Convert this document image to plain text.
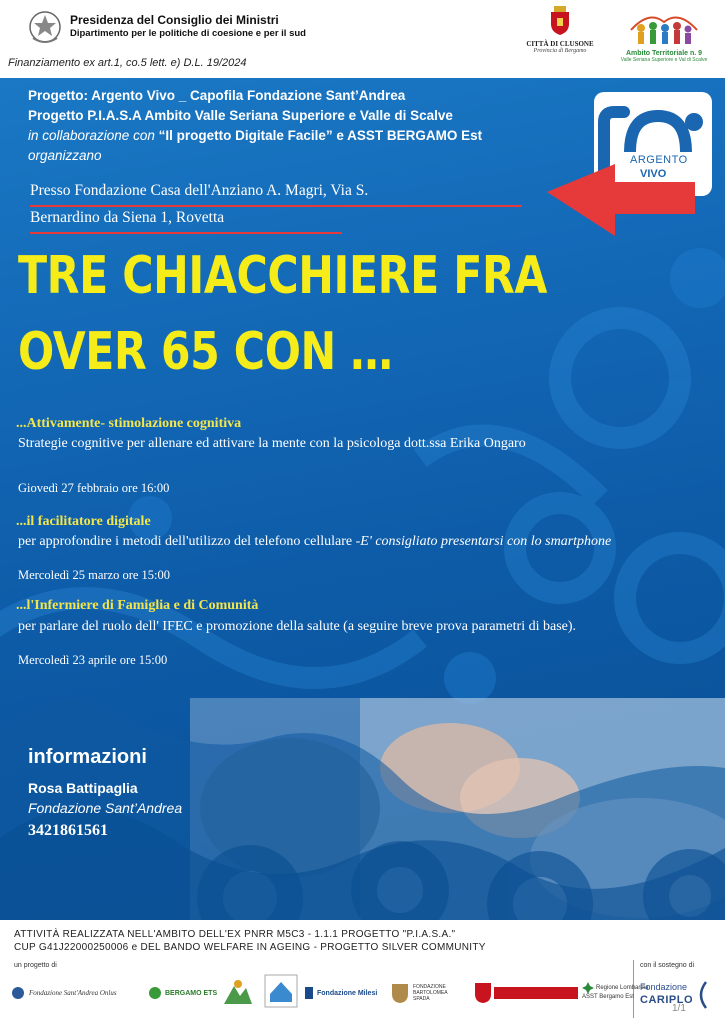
Presidenza del Consiglio dei Ministri
Dipartimento per le politiche di coesione e per il sud
Finanziamento ex art.1, co.5 lett. e) D.L. 19/2024
CITTÀ DI CLUSONE
Provincia di Bergamo	Ambito Territoriale n. 9
Valle Seriana Superiore e Val di Scalve
Progetto: Argento Vivo _ Capofila Fondazione Sant’Andrea
Progetto P.I.A.S.A Ambito Valle Seriana Superiore e Valle di Scalve
in collaborazione con “Il progetto Digitale Facile” e ASST BERGAMO Est
organizzano	ARGENTO
VIVO
Presso Fondazione Casa dell'Anziano A. Magri, Via S.
Bernardino da Siena 1, Rovetta
TRE CHIACCHIERE FRA
OVER 65 CON …
...Attivamente- stimolazione cognitiva
Strategie cognitive per allenare ed attivare la mente con la psicologa dott.ssa Erika Ongaro
Giovedì 27 febbraio ore 16:00
...il facilitatore digitale
per approfondire i metodi dell'utilizzo del telefono cellulare -E' consigliato presentarsi con lo smartphone
Mercoledì 25 marzo ore 15:00
...l'Infermiere di Famiglia e di Comunità
per parlare del ruolo dell' IFEC e promozione della salute (a seguire breve prova parametri di base).
Mercoledì 23 aprile ore 15:00
informazioni
Rosa Battipaglia
Fondazione Sant’Andrea
3421861561
ATTIVITÀ REALIZZATA NELL'AMBITO DELL'EX PNRR M5C3 - 1.1.1 PROGETTO "P.I.A.S.A."
CUP G41J22000250006 e DEL BANDO WELFARE IN AGEING - PROGETTO SILVER COMMUNITY
un progetto di	con il sostegno di
Fondazione Sant'Andrea Onlus	BERGAMO ETS	Fondazione Milesi
FONDAZIONE BARTOLOMEA SPADA
Regione Lombardia
ASST Bergamo Est
Fondazione
CARIPLO
1/1
